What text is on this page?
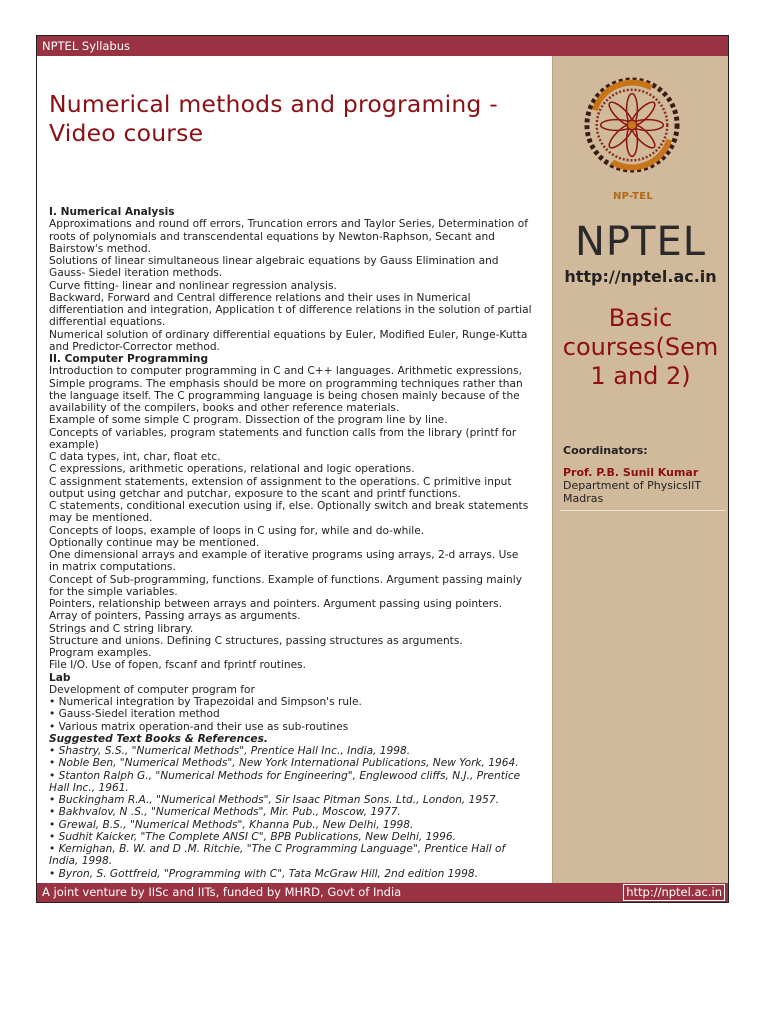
NPTEL Syllabus
Numerical methods and programing - Video course
I. Numerical Analysis
Approximations and round off errors, Truncation errors and Taylor Series, Determination of
roots of polynomials and transcendental equations by Newton-Raphson, Secant and
Bairstow's method.
Solutions of linear simultaneous linear algebraic equations by Gauss Elimination and
Gauss- Siedel iteration methods.
Curve fitting- linear and nonlinear regression analysis.
Backward, Forward and Central difference relations and their uses in Numerical
differentiation and integration, Application t of difference relations in the solution of partial
differential equations.
Numerical solution of ordinary differential equations by Euler, Modified Euler, Runge-Kutta
and Predictor-Corrector method.
II. Computer Programming
Introduction to computer programming in C and C++ languages. Arithmetic expressions,
Simple programs. The emphasis should be more on programming techniques rather than
the language itself. The C programming language is being chosen mainly because of the
availability of the compilers, books and other reference materials.
Example of some simple C program. Dissection of the program line by line.
Concepts of variables, program statements and function calls from the library (printf for
example)
C data types, int, char, float etc.
C expressions, arithmetic operations, relational and logic operations.
C assignment statements, extension of assignment to the operations. C primitive input
output using getchar and putchar, exposure to the scant and printf functions.
C statements, conditional execution using if, else. Optionally switch and break statements
may be mentioned.
Concepts of loops, example of loops in C using for, while and do-while.
Optionally continue may be mentioned.
One dimensional arrays and example of iterative programs using arrays, 2-d arrays. Use
in matrix computations.
Concept of Sub-programming, functions. Example of functions. Argument passing mainly
for the simple variables.
Pointers, relationship between arrays and pointers. Argument passing using pointers.
Array of pointers, Passing arrays as arguments.
Strings and C string library.
Structure and unions. Defining C structures, passing structures as arguments.
Program examples.
File I/O. Use of fopen, fscanf and fprintf routines.
Lab
Development of computer program for
• Numerical integration by Trapezoidal and Simpson's rule.
• Gauss-Siedel iteration method
• Various matrix operation-and their use as sub-routines
Suggested Text Books & References.
• Shastry, S.S., "Numerical Methods", Prentice Hall Inc., India, 1998.
• Noble Ben, "Numerical Methods", New York International Publications, New York, 1964.
• Stanton Ralph G., "Numerical Methods for Engineering", Englewood cliffs, N.J., Prentice
Hall Inc., 1961.
• Buckingham R.A., "Numerical Methods", Sir Isaac Pitman Sons. Ltd., London, 1957.
• Bakhvalov, N .S., "Numerical Methods", Mir. Pub., Moscow, 1977.
• Grewal, B.S., "Numerical Methods", Khanna Pub., New Delhi, 1998.
• Sudhit Kaicker, "The Complete ANSI C", BPB Publications, New Delhi, 1996.
• Kernighan, B. W. and D .M. Ritchie, "The C Programming Language", Prentice Hall of
India, 1998.
• Byron, S. Gottfreid, "Programming with C", Tata McGraw Hill, 2nd edition 1998.
NP-TEL
NPTEL
http://nptel.ac.in
Basic
courses(Sem
1 and 2)
Coordinators:
Prof. P.B. Sunil Kumar
Department of PhysicsIIT Madras
A joint venture by IISc and IITs, funded by MHRD, Govt of India	http://nptel.ac.in
